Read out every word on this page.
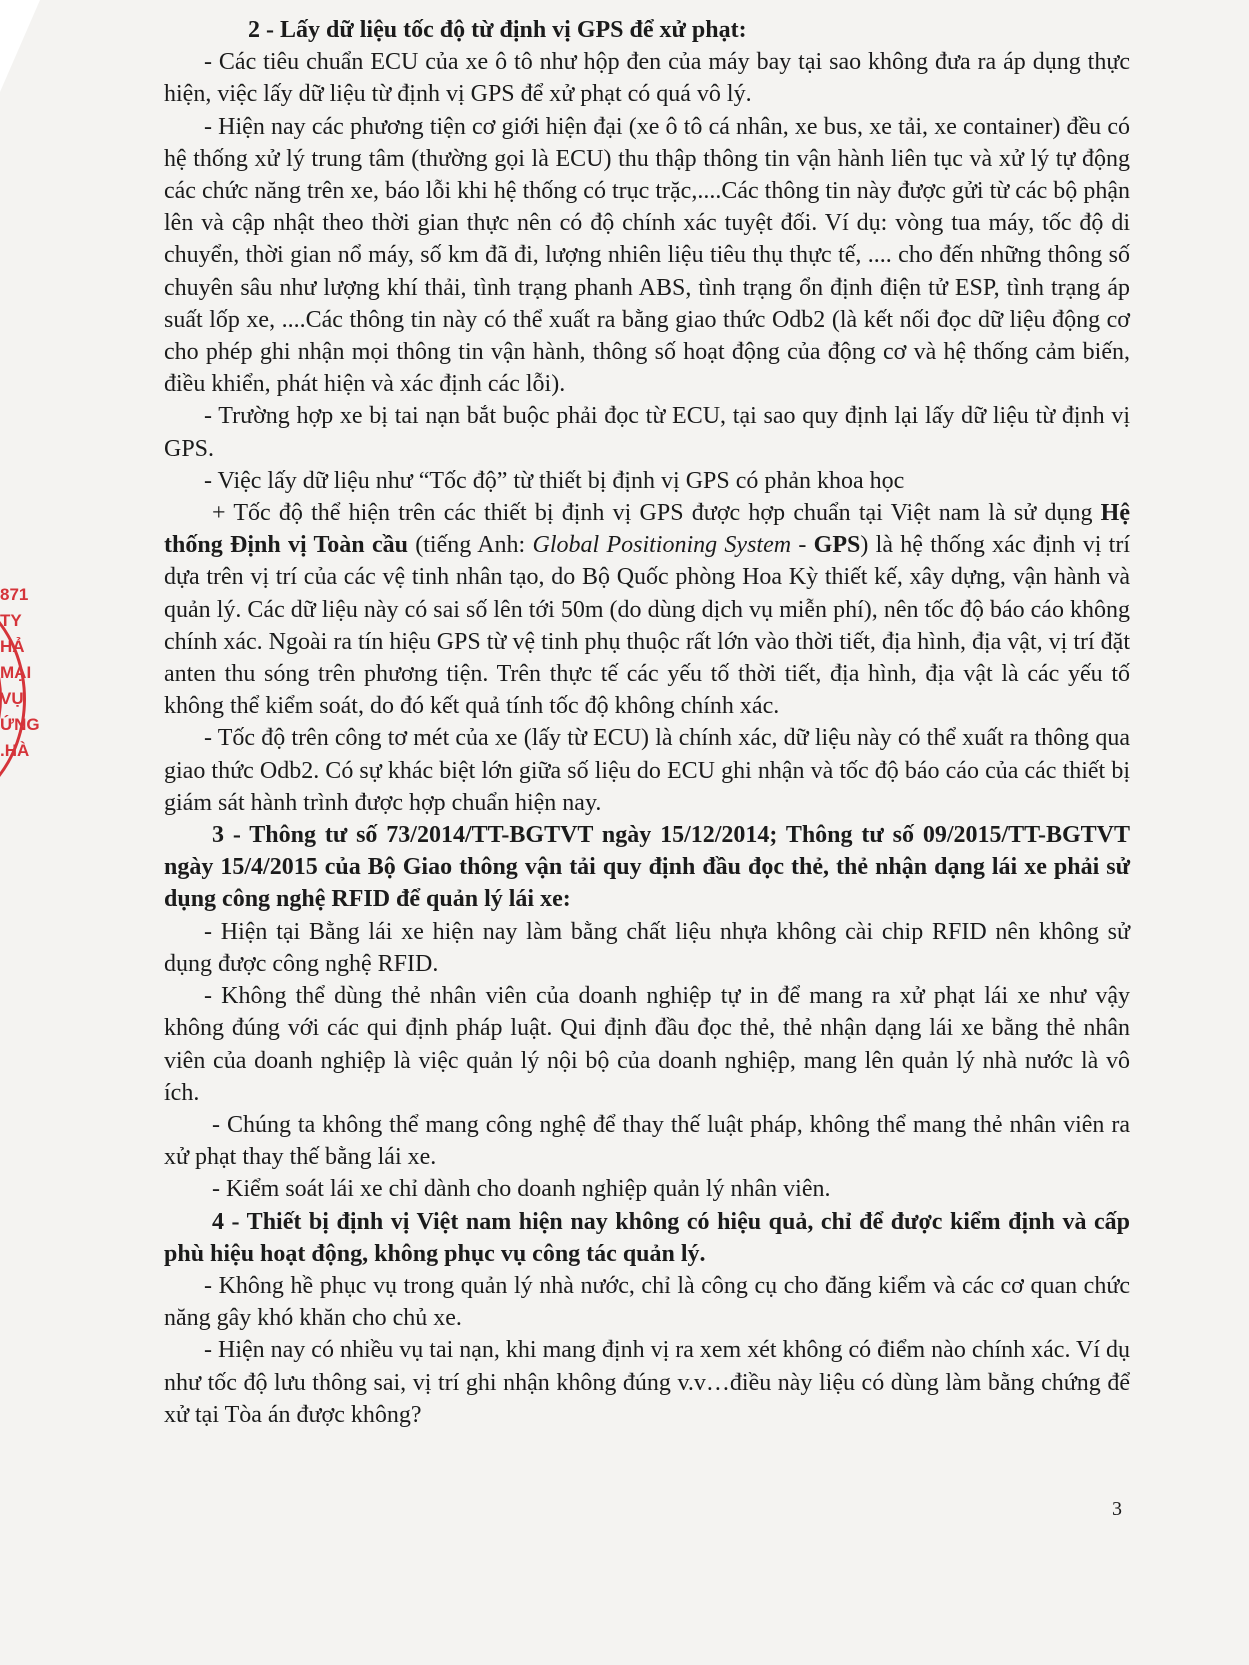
871
TY
HẢ
MẠI
VỤ
ỨNG
.HÀ

2 - Lấy dữ liệu tốc độ từ định vị GPS để xử phạt:

- Các tiêu chuẩn ECU của xe ô tô như hộp đen của máy bay tại sao không đưa ra áp dụng thực hiện, việc lấy dữ liệu từ định vị GPS để xử phạt có quá vô lý.

- Hiện nay các phương tiện cơ giới hiện đại (xe ô tô cá nhân, xe bus, xe tải, xe container) đều có hệ thống xử lý trung tâm (thường gọi là ECU) thu thập thông tin vận hành liên tục và xử lý tự động các chức năng trên xe, báo lỗi khi hệ thống có trục trặc,....Các thông tin này được gửi từ các bộ phận lên và cập nhật theo thời gian thực nên có độ chính xác tuyệt đối. Ví dụ: vòng tua máy, tốc độ di chuyển, thời gian nổ máy, số km đã đi, lượng nhiên liệu tiêu thụ thực tế, .... cho đến những thông số chuyên sâu như lượng khí thải, tình trạng phanh ABS, tình trạng ổn định điện tử ESP, tình trạng áp suất lốp xe, ....Các thông tin này có thể xuất ra bằng giao thức Odb2 (là kết nối đọc dữ liệu động cơ cho phép ghi nhận mọi thông tin vận hành, thông số hoạt động của động cơ và hệ thống cảm biến, điều khiển, phát hiện và xác định các lỗi).

- Trường hợp xe bị tai nạn bắt buộc phải đọc từ ECU, tại sao quy định lại lấy dữ liệu từ định vị GPS.

- Việc lấy dữ liệu như “Tốc độ” từ thiết bị định vị GPS có phản khoa học

+ Tốc độ thể hiện trên các thiết bị định vị GPS được hợp chuẩn tại Việt nam là sử dụng Hệ thống Định vị Toàn cầu (tiếng Anh: Global Positioning System - GPS) là hệ thống xác định vị trí dựa trên vị trí của các vệ tinh nhân tạo, do Bộ Quốc phòng Hoa Kỳ thiết kế, xây dựng, vận hành và quản lý. Các dữ liệu này có sai số lên tới 50m (do dùng dịch vụ miễn phí), nên tốc độ báo cáo không chính xác. Ngoài ra tín hiệu GPS từ vệ tinh phụ thuộc rất lớn vào thời tiết, địa hình, địa vật, vị trí đặt anten thu sóng trên phương tiện. Trên thực tế các yếu tố thời tiết, địa hình, địa vật là các yếu tố không thể kiểm soát, do đó kết quả tính tốc độ không chính xác.

- Tốc độ trên công tơ mét của xe (lấy từ ECU) là chính xác, dữ liệu này có thể xuất ra thông qua giao thức Odb2. Có sự khác biệt lớn giữa số liệu do ECU ghi nhận và tốc độ báo cáo của các thiết bị giám sát hành trình được hợp chuẩn hiện nay.

3 - Thông tư số 73/2014/TT-BGTVT ngày 15/12/2014; Thông tư số 09/2015/TT-BGTVT ngày 15/4/2015 của Bộ Giao thông vận tải quy định đầu đọc thẻ, thẻ nhận dạng lái xe phải sử dụng công nghệ RFID để quản lý lái xe:

- Hiện tại Bằng lái xe hiện nay làm bằng chất liệu nhựa không cài chip RFID nên không sử dụng được công nghệ RFID.

- Không thể dùng thẻ nhân viên của doanh nghiệp tự in để mang ra xử phạt lái xe như vậy không đúng với các qui định pháp luật. Qui định đầu đọc thẻ, thẻ nhận dạng lái xe bằng thẻ nhân viên của doanh nghiệp là việc quản lý nội bộ của doanh nghiệp, mang lên quản lý nhà nước là vô ích.

- Chúng ta không thể mang công nghệ để thay thế luật pháp, không thể mang thẻ nhân viên ra xử phạt thay thế bằng lái xe.

- Kiểm soát lái xe chỉ dành cho doanh nghiệp quản lý nhân viên.

4 - Thiết bị định vị Việt nam hiện nay không có hiệu quả, chỉ để được kiểm định và cấp phù hiệu hoạt động, không phục vụ công tác quản lý.

- Không hề phục vụ trong quản lý nhà nước, chỉ là công cụ cho đăng kiểm và các cơ quan chức năng gây khó khăn cho chủ xe.

- Hiện nay có nhiều vụ tai nạn, khi mang định vị ra xem xét không có điểm nào chính xác. Ví dụ như tốc độ lưu thông sai, vị trí ghi nhận không đúng v.v…điều này liệu có dùng làm bằng chứng để xử tại Tòa án được không?

3
